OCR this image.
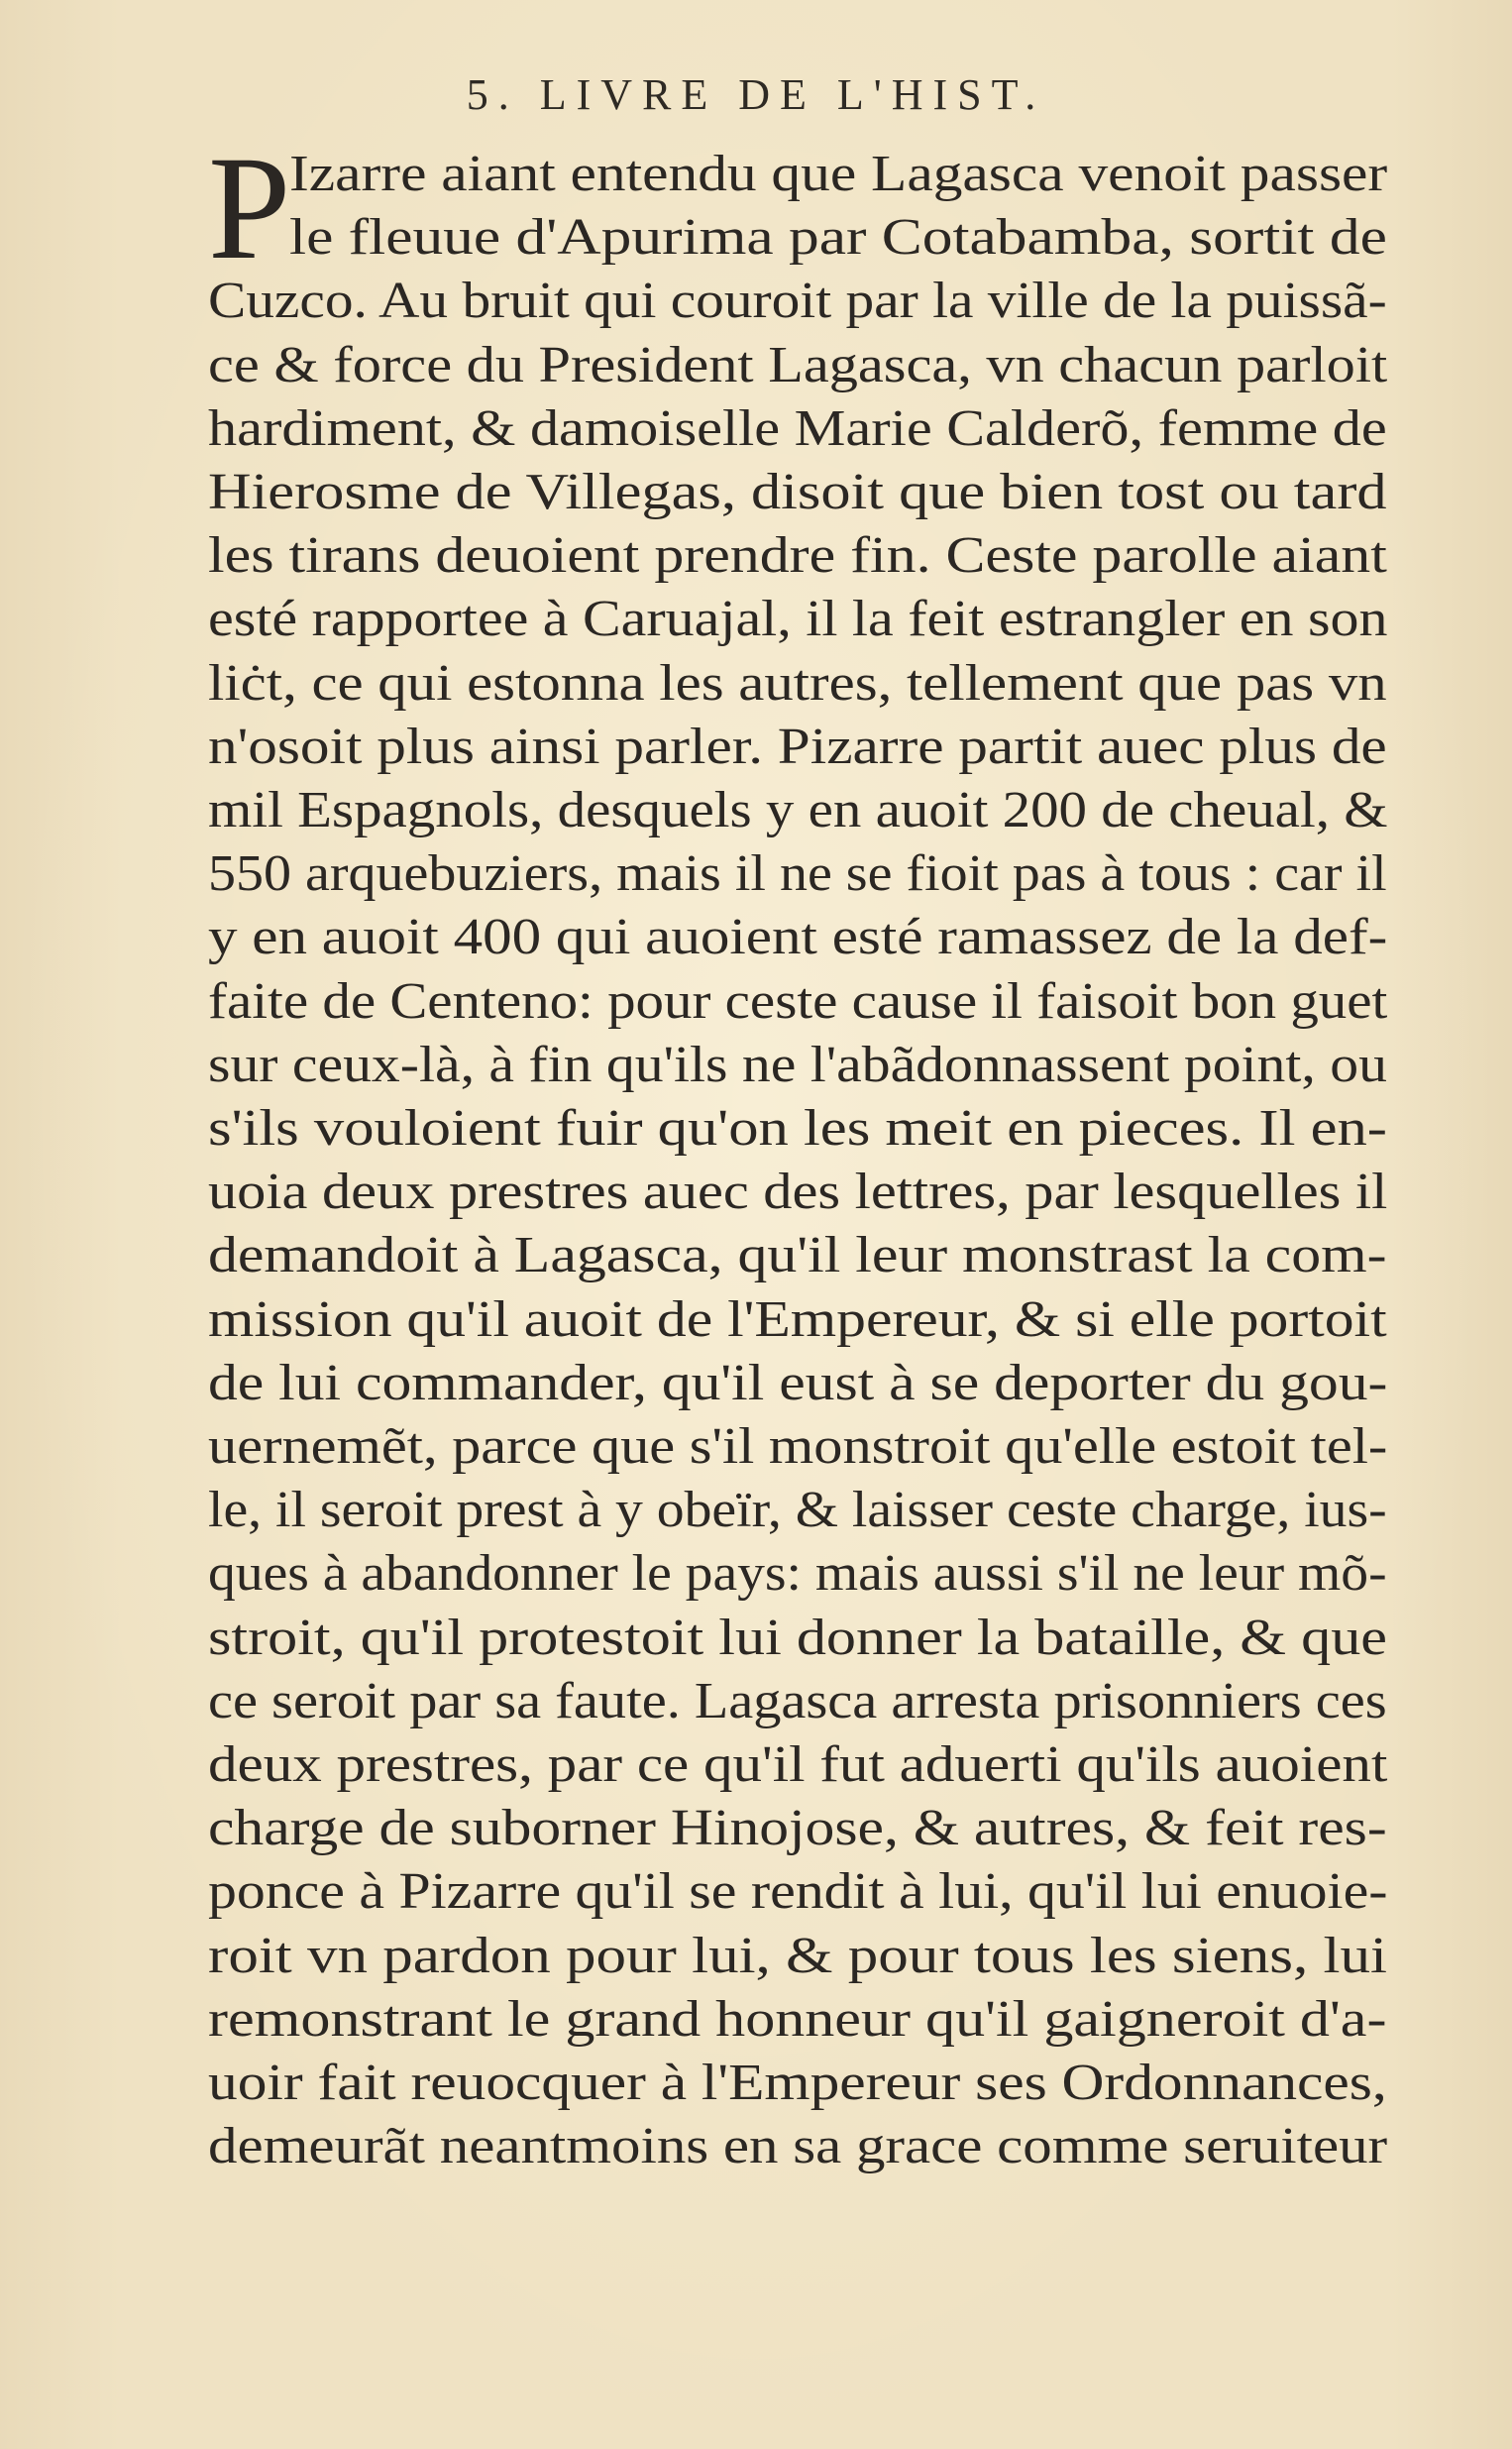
5. LIVRE DE L'HIST.
P
Izarre aiant entendu que Lagasca venoit passer
le fleuue d'Apurima par Cotabamba, sortit de
Cuzco. Au bruit qui couroit par la ville de la puissã-
ce & force du President Lagasca, vn chacun parloit
hardiment, & damoiselle Marie Calderõ, femme de
Hierosme de Villegas, disoit que bien tost ou tard
les tirans deuoient prendre fin. Ceste parolle aiant
esté rapportee à Caruajal, il la feit estrangler en son
liċt, ce qui estonna les autres, tellement que pas vn
n'osoit plus ainsi parler. Pizarre partit auec plus de
mil Espagnols, desquels y en auoit 200 de cheual, &
550 arquebuziers, mais il ne se fioit pas à tous : car il
y en auoit 400 qui auoient esté ramassez de la def-
faite de Centeno: pour ceste cause il faisoit bon guet
sur ceux-là, à fin qu'ils ne l'abãdonnassent point, ou
s'ils vouloient fuir qu'on les meit en pieces. Il en-
uoia deux prestres auec des lettres, par lesquelles il
demandoit à Lagasca, qu'il leur monstrast la com-
mission qu'il auoit de l'Empereur, & si elle portoit
de lui commander, qu'il eust à se deporter du gou-
uernemẽt, parce que s'il monstroit qu'elle estoit tel-
le, il seroit prest à y obeïr, & laisser ceste charge, ius-
ques à abandonner le pays: mais aussi s'il ne leur mõ-
stroit, qu'il protestoit lui donner la bataille, & que
ce seroit par sa faute. Lagasca arresta prisonniers ces
deux prestres, par ce qu'il fut aduerti qu'ils auoient
charge de suborner Hinojose, & autres, & feit res-
ponce à Pizarre qu'il se rendit à lui, qu'il lui enuoie-
roit vn pardon pour lui, & pour tous les siens, lui
remonstrant le grand honneur qu'il gaigneroit d'a-
uoir fait reuocquer à l'Empereur ses Ordonnances,
demeurãt neantmoins en sa grace comme seruiteur
